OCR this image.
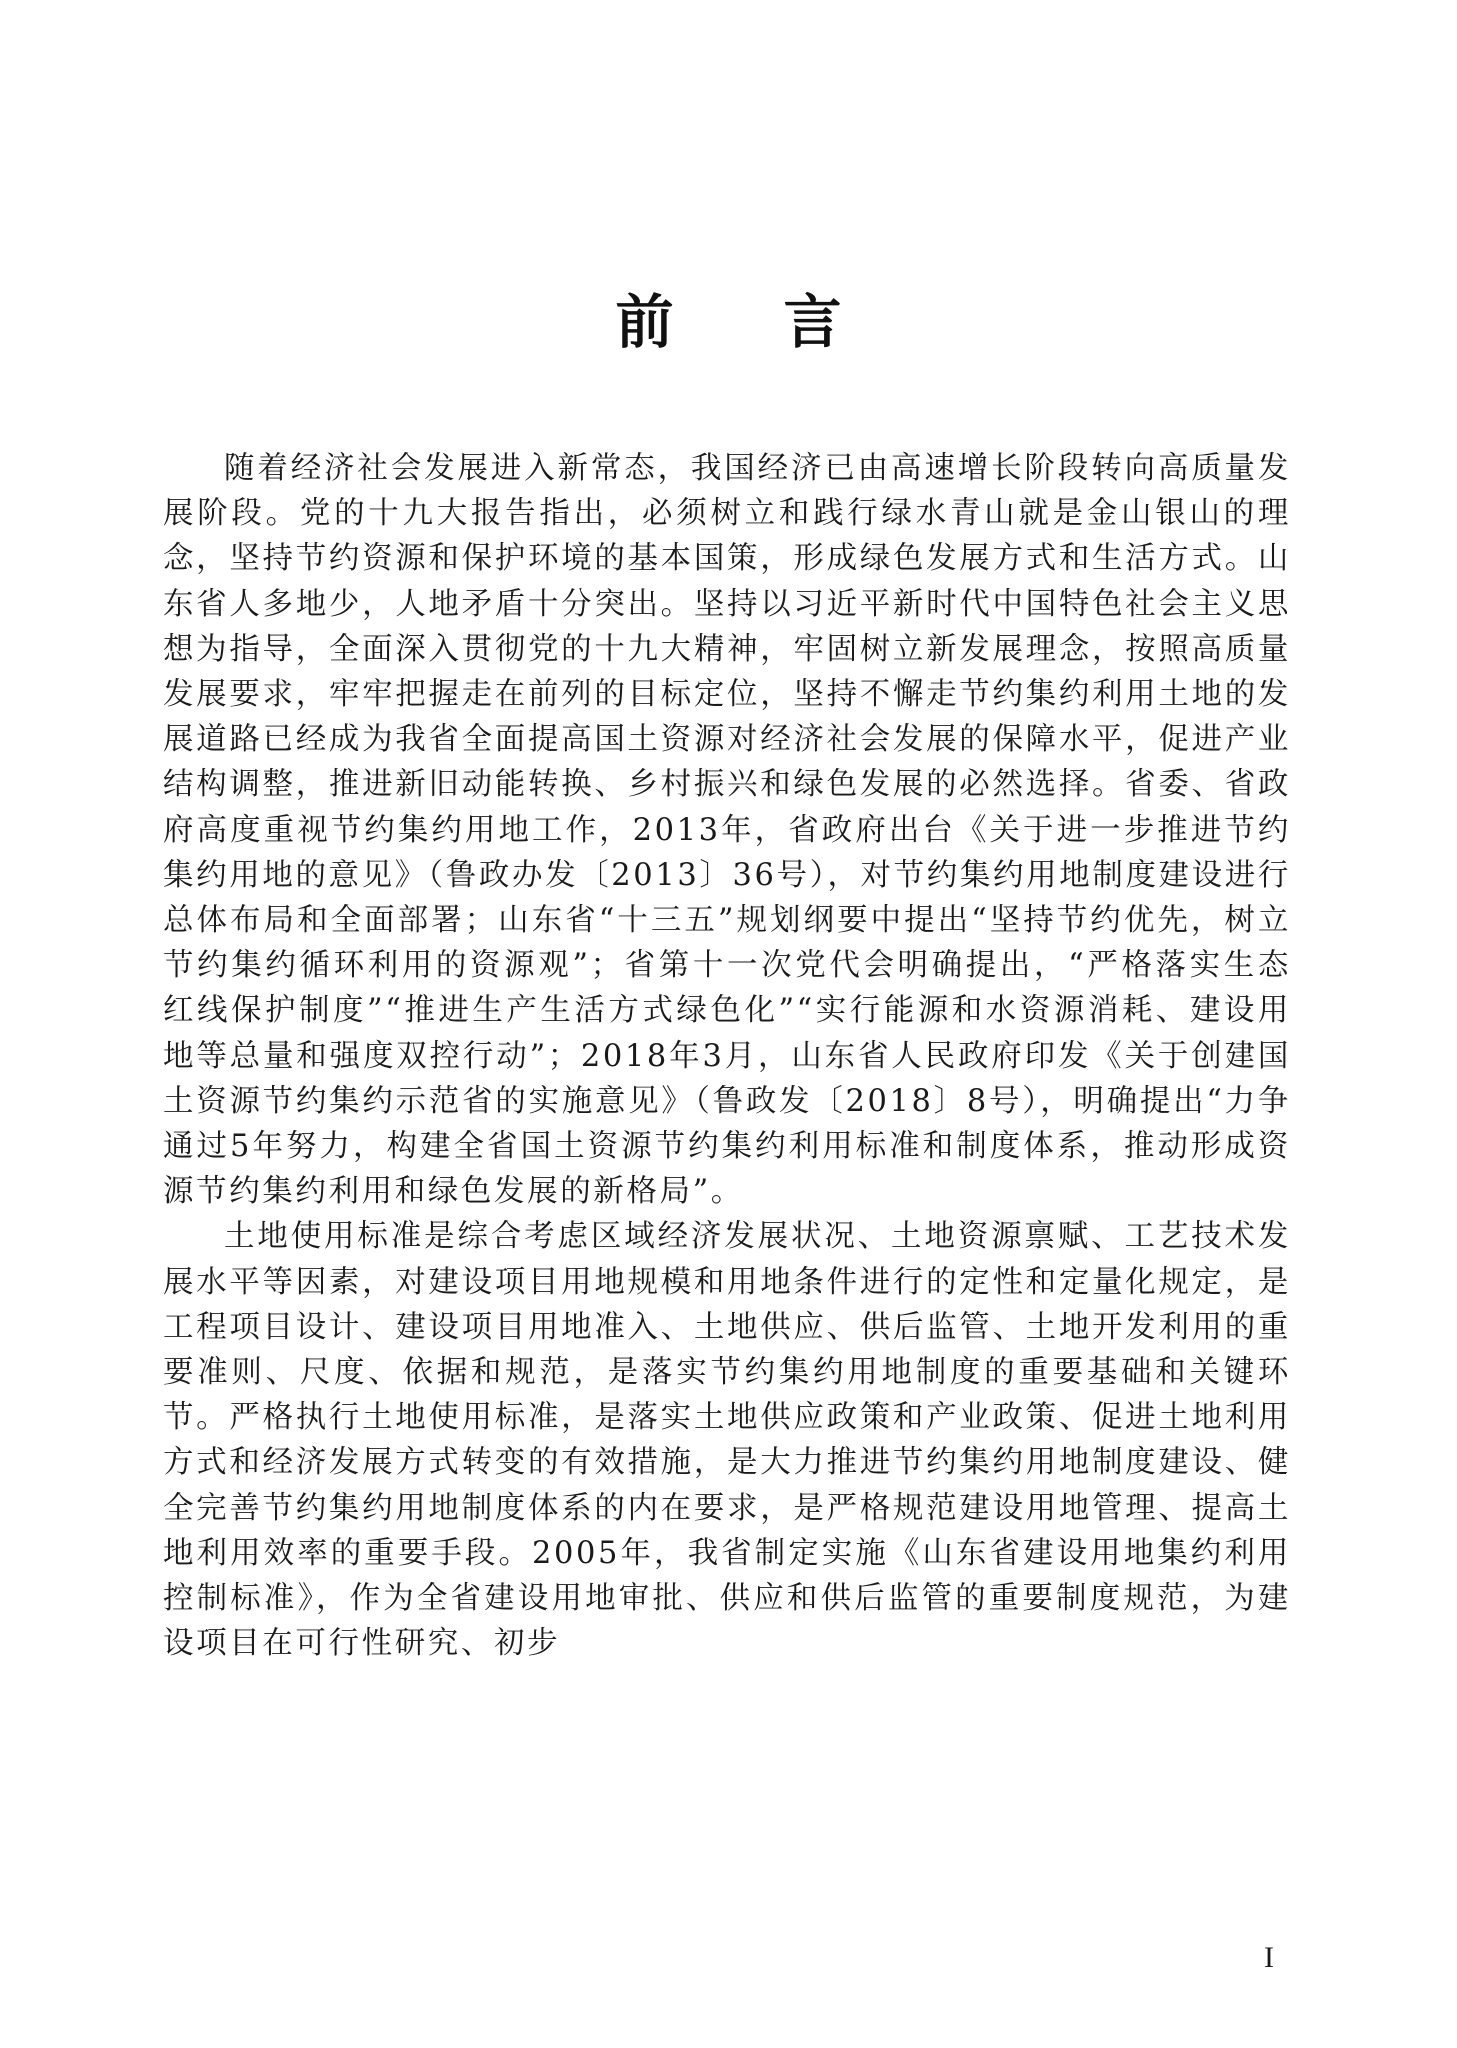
前言

随着经济社会发展进入新常态，我国经济已由高速增长阶段转向高质量发展阶段。党的十九大报告指出，必须树立和践行绿水青山就是金山银山的理念，坚持节约资源和保护环境的基本国策，形成绿色发展方式和生活方式。山东省人多地少，人地矛盾十分突出。坚持以习近平新时代中国特色社会主义思想为指导，全面深入贯彻党的十九大精神，牢固树立新发展理念，按照高质量发展要求，牢牢把握走在前列的目标定位，坚持不懈走节约集约利用土地的发展道路已经成为我省全面提高国土资源对经济社会发展的保障水平，促进产业结构调整，推进新旧动能转换、乡村振兴和绿色发展的必然选择。省委、省政府高度重视节约集约用地工作，2013年，省政府出台《关于进一步推进节约集约用地的意见》（鲁政办发〔2013〕36号），对节约集约用地制度建设进行总体布局和全面部署；山东省“十三五”规划纲要中提出“坚持节约优先，树立节约集约循环利用的资源观”；省第十一次党代会明确提出，“严格落实生态红线保护制度”“推进生产生活方式绿色化”“实行能源和水资源消耗、建设用地等总量和强度双控行动”；2018年3月，山东省人民政府印发《关于创建国土资源节约集约示范省的实施意见》（鲁政发〔2018〕8号），明确提出“力争通过5年努力，构建全省国土资源节约集约利用标准和制度体系，推动形成资源节约集约利用和绿色发展的新格局”。

土地使用标准是综合考虑区域经济发展状况、土地资源禀赋、工艺技术发展水平等因素，对建设项目用地规模和用地条件进行的定性和定量化规定，是工程项目设计、建设项目用地准入、土地供应、供后监管、土地开发利用的重要准则、尺度、依据和规范，是落实节约集约用地制度的重要基础和关键环节。严格执行土地使用标准，是落实土地供应政策和产业政策、促进土地利用方式和经济发展方式转变的有效措施，是大力推进节约集约用地制度建设、健全完善节约集约用地制度体系的内在要求，是严格规范建设用地管理、提高土地利用效率的重要手段。2005年，我省制定实施《山东省建设用地集约利用控制标准》，作为全省建设用地审批、供应和供后监管的重要制度规范，为建设项目在可行性研究、初步

I
